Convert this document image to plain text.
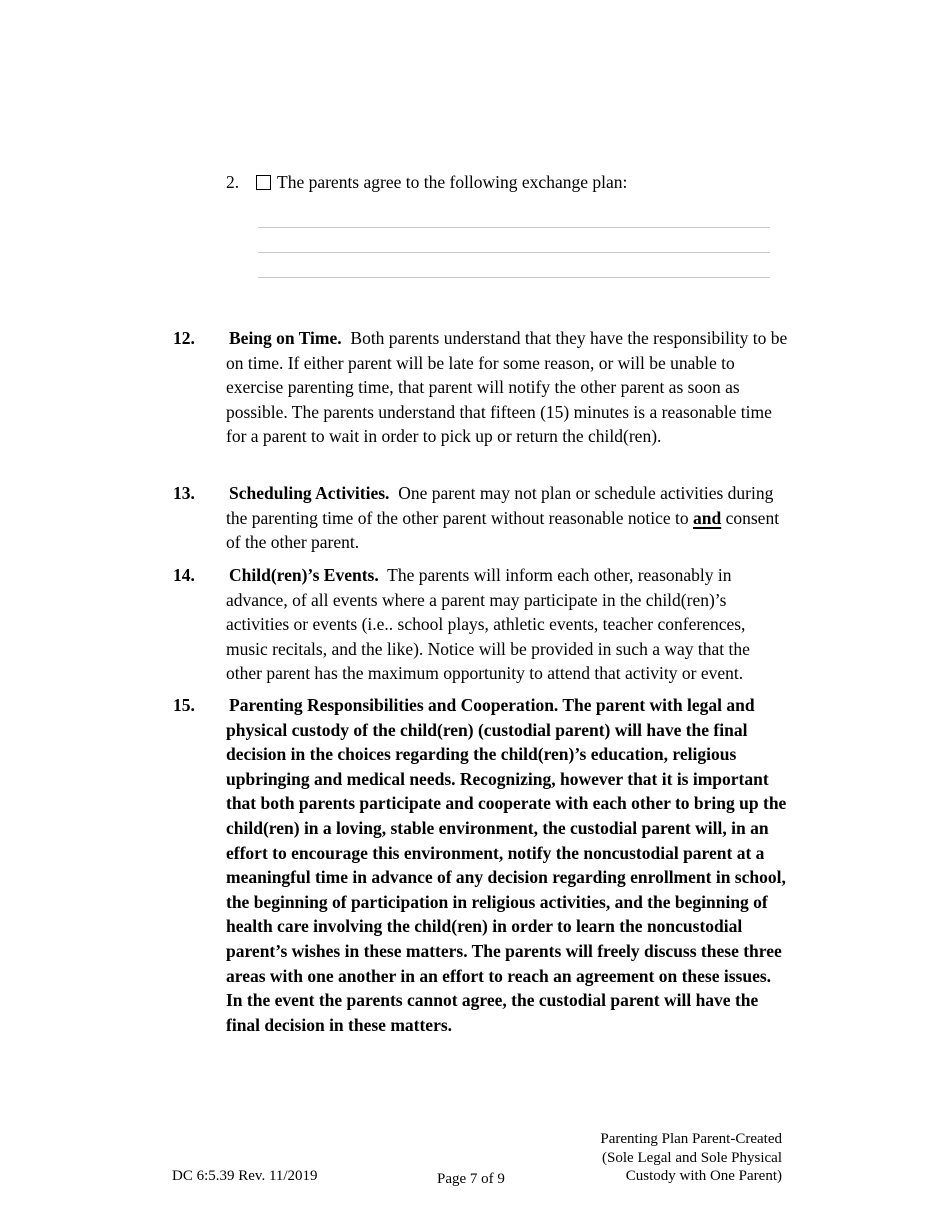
2. The parents agree to the following exchange plan:
12. Being on Time. Both parents understand that they have the responsibility to be on time. If either parent will be late for some reason, or will be unable to exercise parenting time, that parent will notify the other parent as soon as possible. The parents understand that fifteen (15) minutes is a reasonable time for a parent to wait in order to pick up or return the child(ren).
13. Scheduling Activities. One parent may not plan or schedule activities during the parenting time of the other parent without reasonable notice to and consent of the other parent.
14. Child(ren)’s Events. The parents will inform each other, reasonably in advance, of all events where a parent may participate in the child(ren)’s activities or events (i.e.. school plays, athletic events, teacher conferences, music recitals, and the like). Notice will be provided in such a way that the other parent has the maximum opportunity to attend that activity or event.
15. Parenting Responsibilities and Cooperation. The parent with legal and physical custody of the child(ren) (custodial parent) will have the final decision in the choices regarding the child(ren)’s education, religious upbringing and medical needs. Recognizing, however that it is important that both parents participate and cooperate with each other to bring up the child(ren) in a loving, stable environment, the custodial parent will, in an effort to encourage this environment, notify the noncustodial parent at a meaningful time in advance of any decision regarding enrollment in school, the beginning of participation in religious activities, and the beginning of health care involving the child(ren) in order to learn the noncustodial parent’s wishes in these matters. The parents will freely discuss these three areas with one another in an effort to reach an agreement on these issues. In the event the parents cannot agree, the custodial parent will have the final decision in these matters.
DC 6:5.39 Rev. 11/2019	Page 7 of 9
Parenting Plan Parent-Created
(Sole Legal and Sole Physical
Custody with One Parent)
